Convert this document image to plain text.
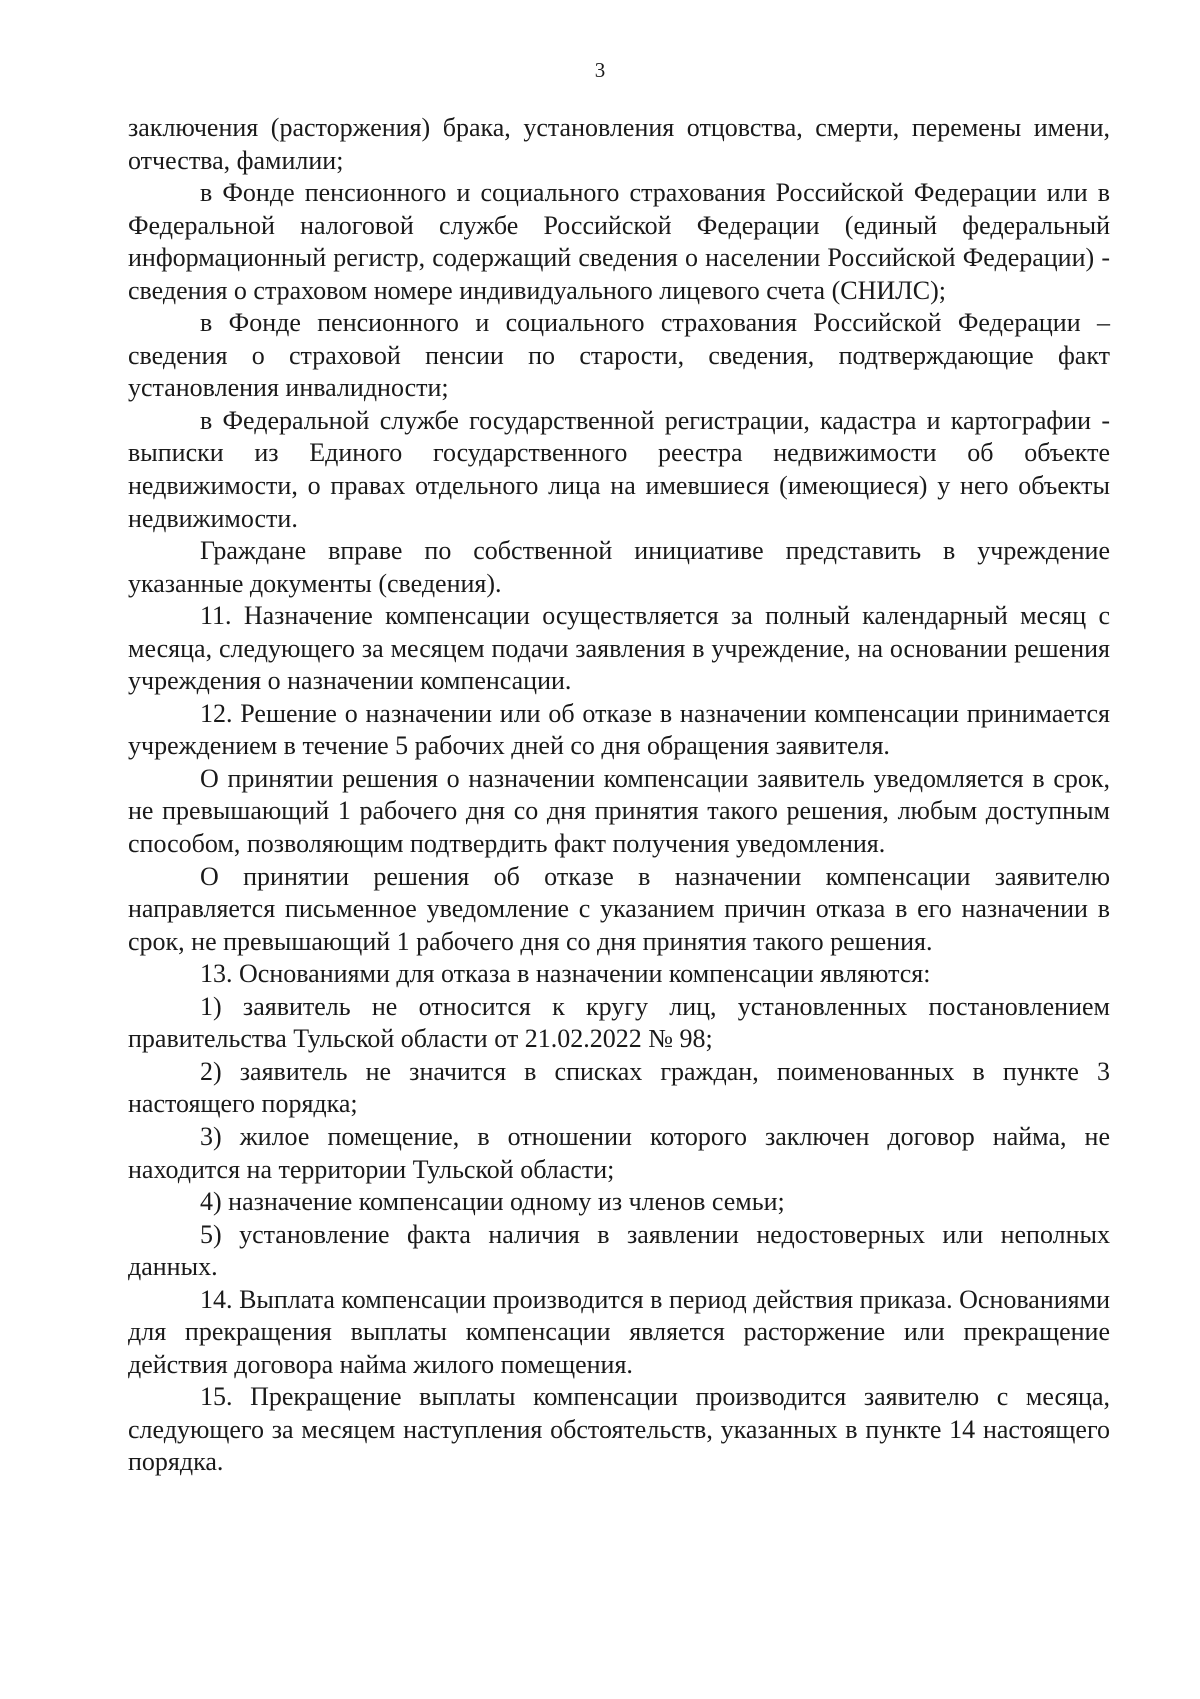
3

заключения (расторжения) брака, установления отцовства, смерти, перемены имени, отчества, фамилии;

в Фонде пенсионного и социального страхования Российской Федерации или в Федеральной налоговой службе Российской Федерации (единый федеральный информационный регистр, содержащий сведения о населении Российской Федерации) - сведения о страховом номере индивидуального лицевого счета (СНИЛС);

в Фонде пенсионного и социального страхования Российской Федерации – сведения о страховой пенсии по старости, сведения, подтверждающие факт установления инвалидности;

в Федеральной службе государственной регистрации, кадастра и картографии - выписки из Единого государственного реестра недвижимости об объекте недвижимости, о правах отдельного лица на имевшиеся (имеющиеся) у него объекты недвижимости.

Граждане вправе по собственной инициативе представить в учреждение указанные документы (сведения).

11. Назначение компенсации осуществляется за полный календарный месяц с месяца, следующего за месяцем подачи заявления в учреждение, на основании решения учреждения о назначении компенсации.

12. Решение о назначении или об отказе в назначении компенсации принимается учреждением в течение 5 рабочих дней со дня обращения заявителя.

О принятии решения о назначении компенсации заявитель уведомляется в срок, не превышающий 1 рабочего дня со дня принятия такого решения, любым доступным способом, позволяющим подтвердить факт получения уведомления.

О принятии решения об отказе в назначении компенсации заявителю направляется письменное уведомление с указанием причин отказа в его назначении в срок, не превышающий 1 рабочего дня со дня принятия такого решения.

13. Основаниями для отказа в назначении компенсации являются:

1) заявитель не относится к кругу лиц, установленных постановлением правительства Тульской области от 21.02.2022 № 98;

2) заявитель не значится в списках граждан, поименованных в пункте 3 настоящего порядка;

3) жилое помещение, в отношении которого заключен договор найма, не находится на территории Тульской области;

4) назначение компенсации одному из членов семьи;

5) установление факта наличия в заявлении недостоверных или неполных данных.

14. Выплата компенсации производится в период действия приказа. Основаниями для прекращения выплаты компенсации является расторжение или прекращение действия договора найма жилого помещения.

15. Прекращение выплаты компенсации производится заявителю с месяца, следующего за месяцем наступления обстоятельств, указанных в пункте 14 настоящего порядка.
